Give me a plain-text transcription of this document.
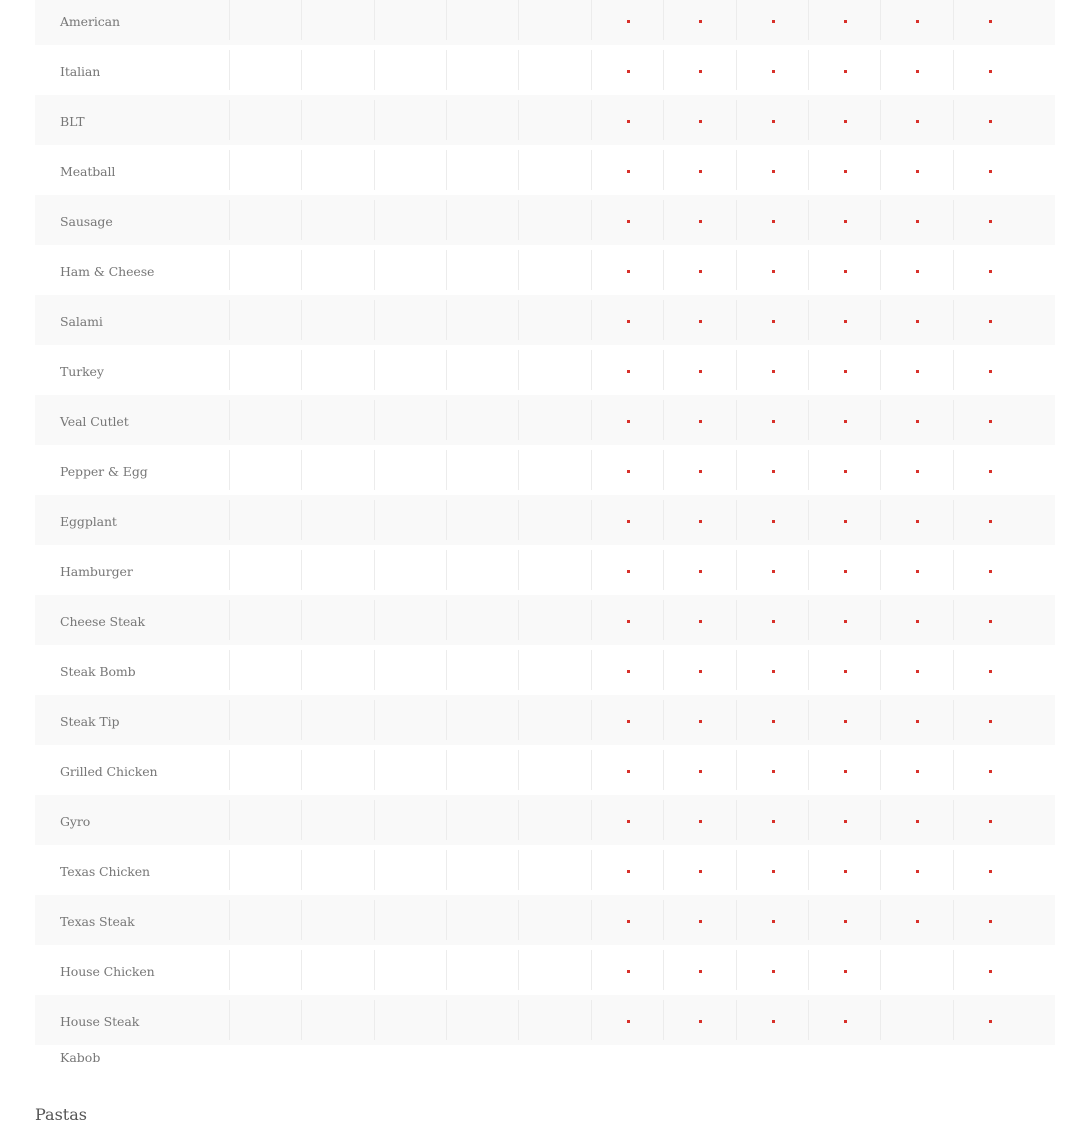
American
Italian
BLT
Meatball
Sausage
Ham & Cheese
Salami
Turkey
Veal Cutlet
Pepper & Egg
Eggplant
Hamburger
Cheese Steak
Steak Bomb
Steak Tip
Grilled Chicken
Gyro
Texas Chicken
Texas Steak
House Chicken
House Steak
Kabob
Pastas
